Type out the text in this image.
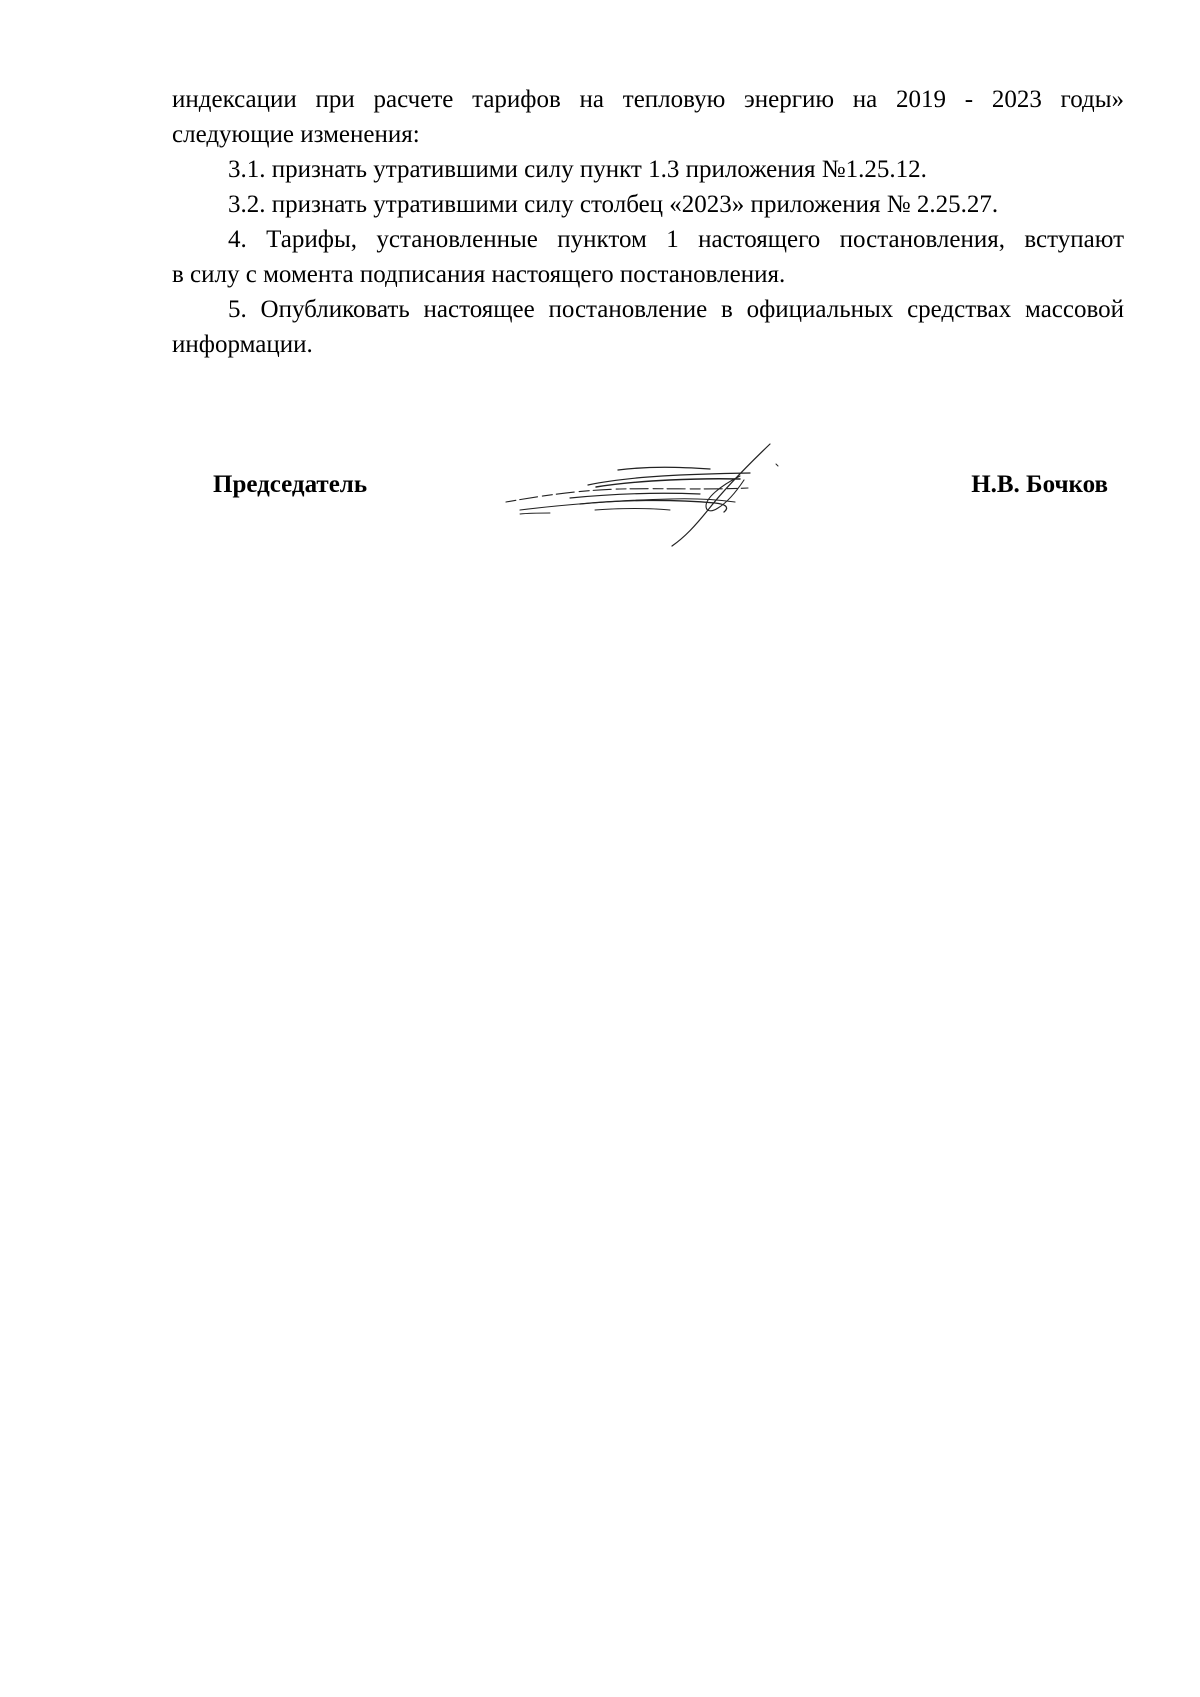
индексации при расчете тарифов на тепловую энергию на 2019 - 2023 годы»

следующие изменения:

3.1. признать утратившими силу пункт 1.3 приложения №1.25.12.

3.2. признать утратившими силу столбец «2023» приложения № 2.25.27.

4. Тарифы, установленные пунктом 1 настоящего постановления, вступают

в силу с момента подписания настоящего постановления.

5. Опубликовать настоящее постановление в официальных средствах массовой

информации.

Председатель	Н.В. Бочков
